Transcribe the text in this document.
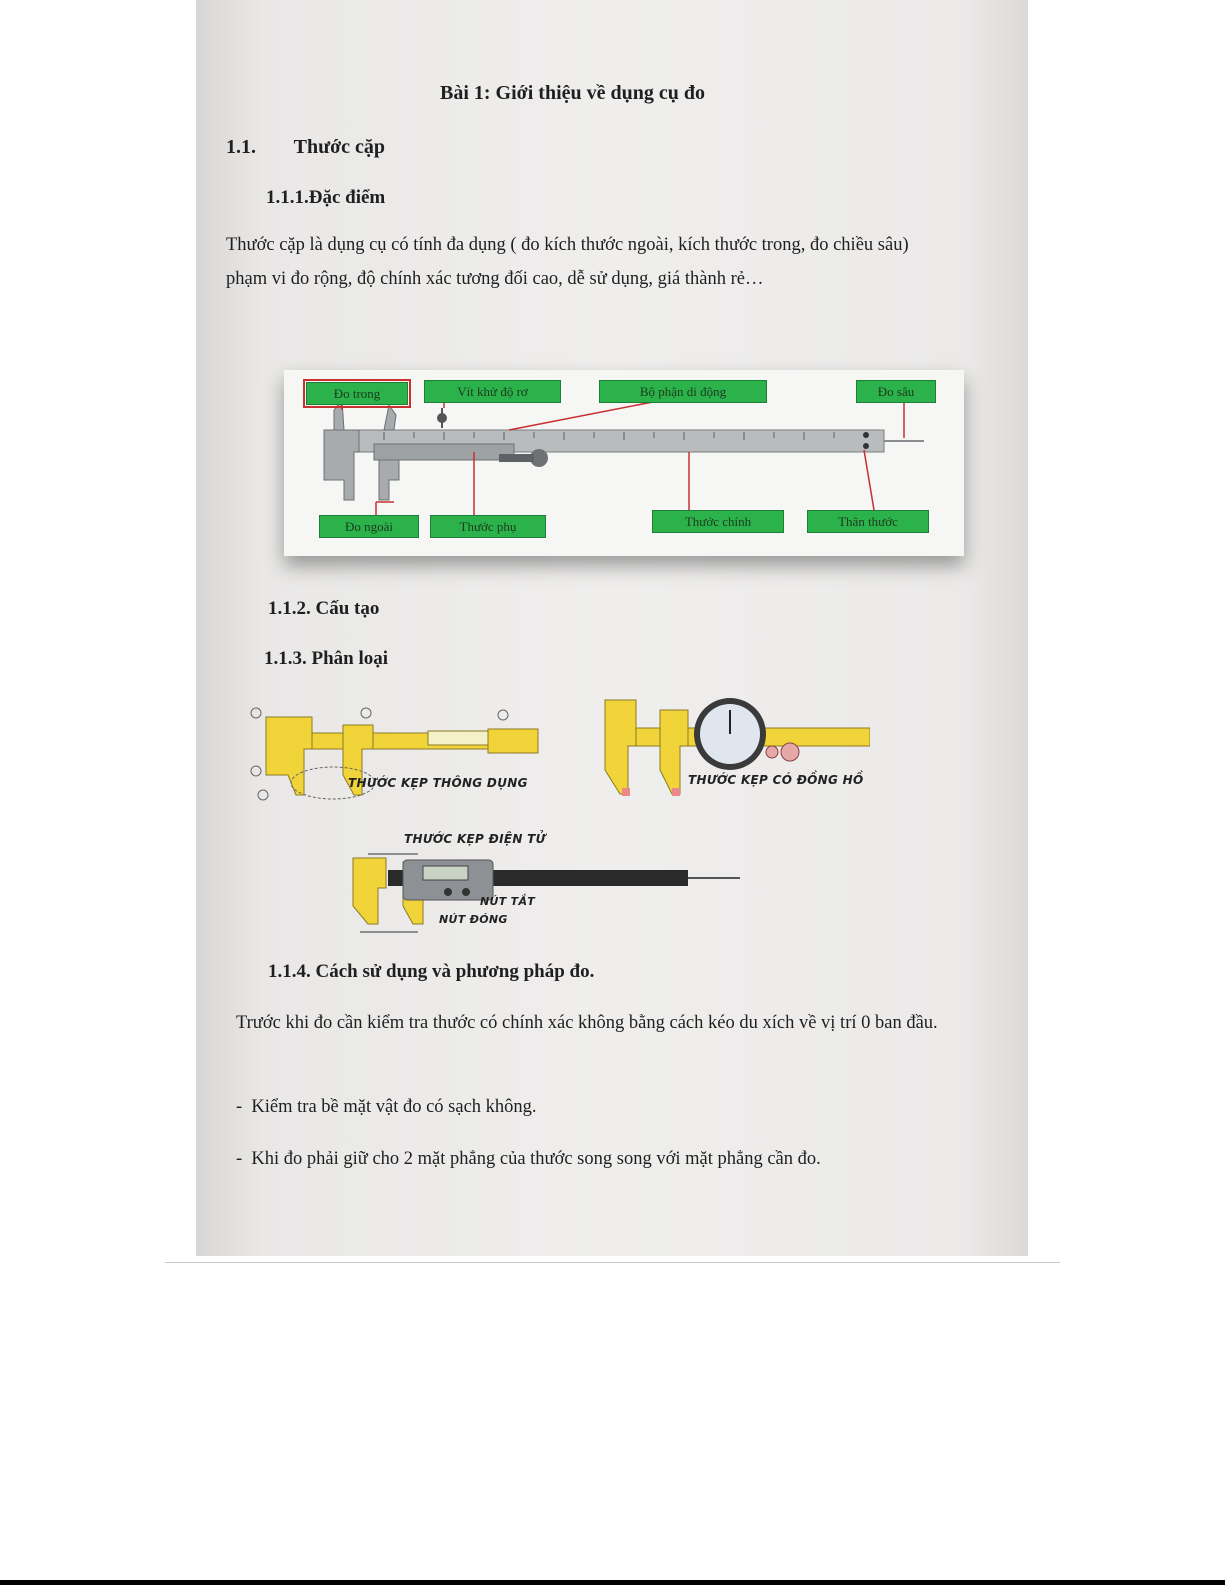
Bài 1: Giới thiệu về dụng cụ đo
1.1. Thước cặp
1.1.1.Đặc điểm
Thước cặp là dụng cụ có tính đa dụng ( đo kích thước ngoài, kích thước trong, đo chiều sâu) phạm vi đo rộng, độ chính xác tương đối cao, dễ sử dụng, giá thành rẻ…
Đo trong	Vít khử độ rơ	Bộ phận di động	Đo sâu
Đo ngoài	Thước phụ	Thước chính	Thân thước
1.1.2. Cấu tạo
1.1.3. Phân loại
THƯỚC KẸP THÔNG DỤNG	THƯỚC KẸP CÓ ĐỒNG HỒ
THƯỚC KẸP ĐIỆN TỬ
NÚT TẮT
NÚT ĐÓNG
1.1.4. Cách sử dụng và phương pháp đo.
Trước khi đo cần kiểm tra thước có chính xác không bằng cách kéo du xích về vị trí 0 ban đầu.
-  Kiểm tra bề mặt vật đo có sạch không.
-  Khi đo phải giữ cho 2 mặt phẳng của thước song song với mặt phẳng cần đo.
